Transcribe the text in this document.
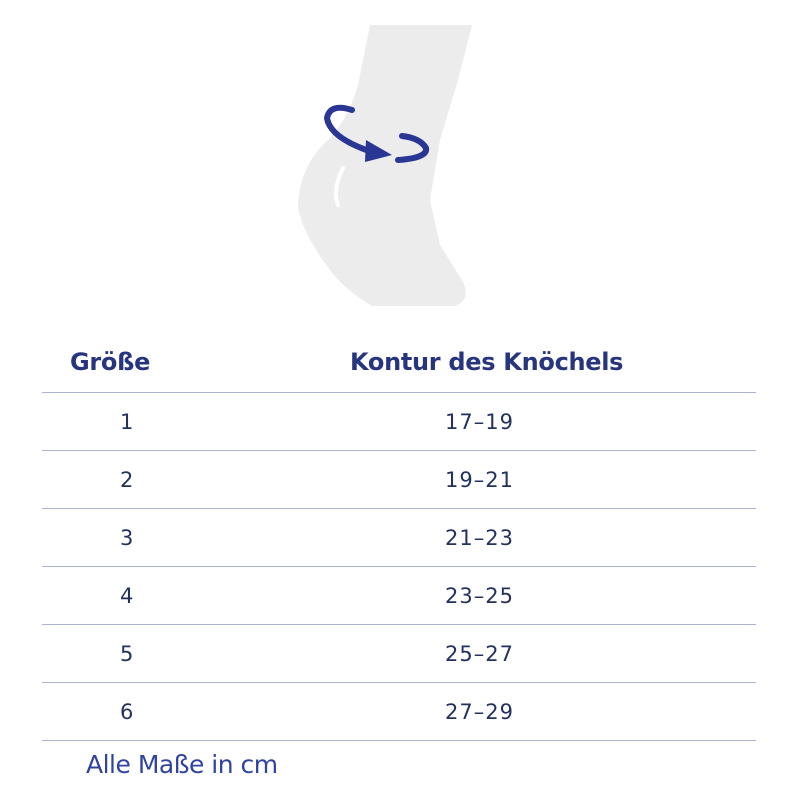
Größe	Kontur des Knöchels
1	17–19
2	19–21
3	21–23
4	23–25
5	25–27
6	27–29
Alle Maße in cm
